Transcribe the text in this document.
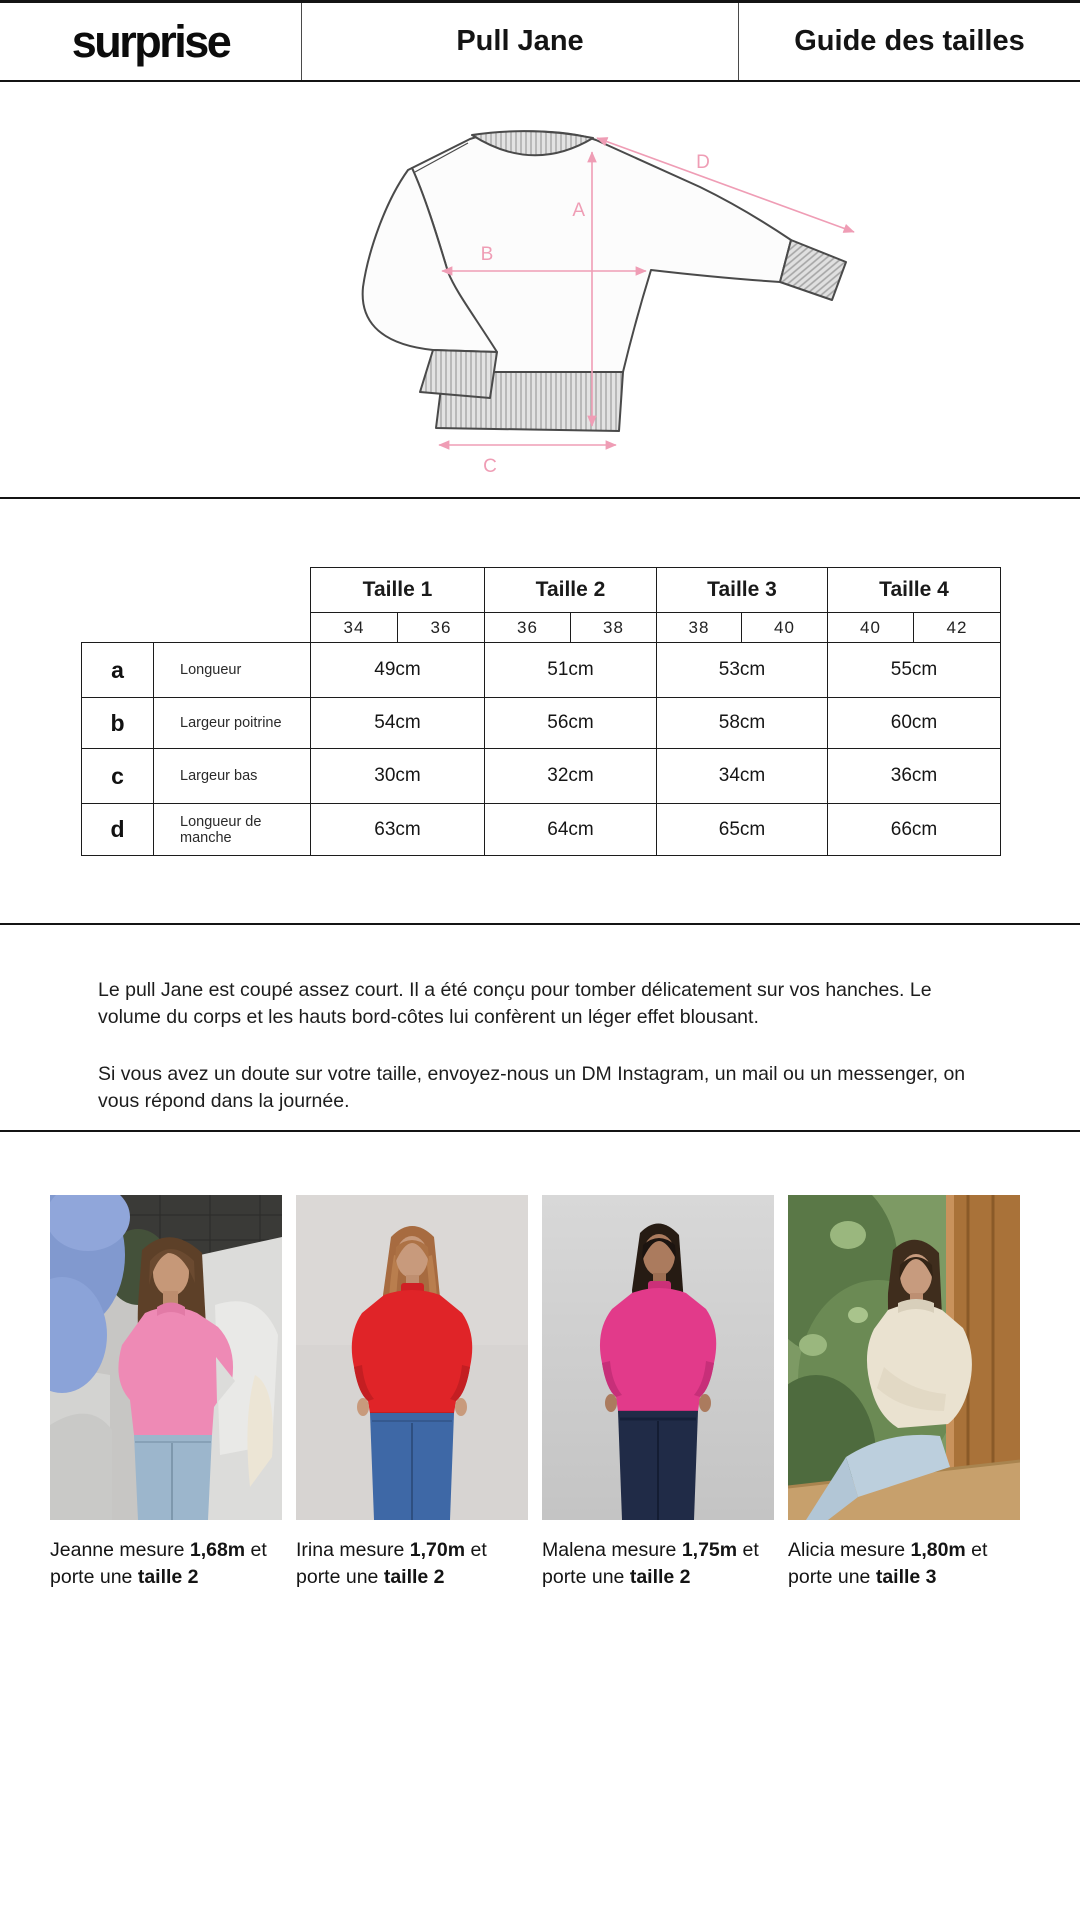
surprise	Pull Jane	Guide des tailles
A
B
C
D
		Taille 1		Taille 2		Taille 3		Taille 4	
		34	36	36	38	38	40	40	42
a	Longueur	49cm		51cm		53cm		55cm	
b	Largeur poitrine	54cm		56cm		58cm		60cm	
c	Largeur bas	30cm		32cm		34cm		36cm	
d	Longueur de manche	63cm		64cm		65cm		66cm	

Le pull Jane est coupé assez court. Il a été conçu pour tomber délicatement sur vos hanches. Le volume du corps et les hauts bord-côtes lui confèrent un léger effet blousant.

Si vous avez un doute sur votre taille, envoyez-nous un DM Instagram, un mail ou un messenger, on vous répond dans la journée.

Jeanne mesure 1,68m et porte une taille 2
Irina mesure 1,70m et porte une taille 2
Malena mesure 1,75m et porte une taille 2
Alicia mesure 1,80m et porte une taille 3
